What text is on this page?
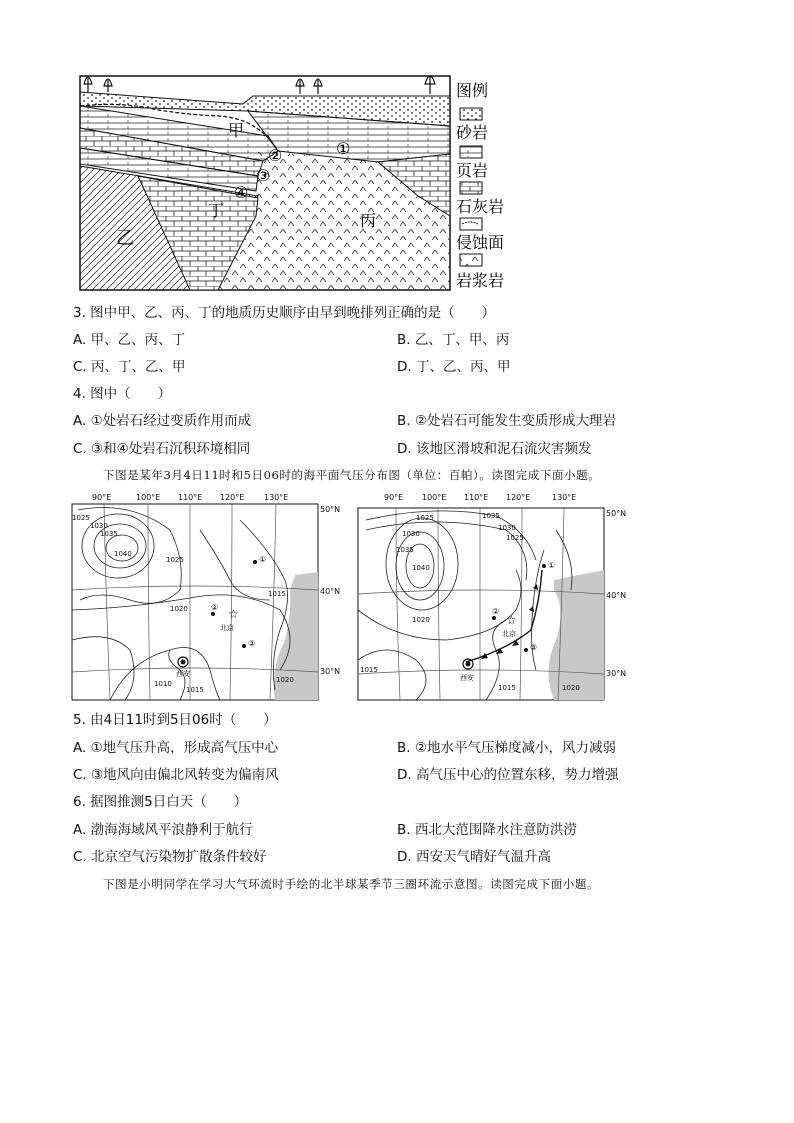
甲
乙
丙
丁
①
②
③
④
图例
砂岩
页岩
石灰岩
侵蚀面
岩浆岩
3. 图中甲、乙、丙、丁的地质历史顺序由早到晚排列正确的是（　　）
A. 甲、乙、丙、丁	B. 乙、丁、甲、丙
C. 丙、丁、乙、甲	D. 丁、乙、丙、甲
4. 图中（　　）
A. ①处岩石经过变质作用而成	B. ②处岩石可能发生变质形成大理岩
C. ③和④处岩石沉积环境相同	D. 该地区滑坡和泥石流灾害频发
下图是某年3月4日11时和5日06时的海平面气压分布图（单位：百帕）。读图完成下面小题。
90°E	100°E 110°E 120°E 130°E
50°N
40°N
30°N
1025
1030
1035
1040
1025
1020
1015
1010
1015
1020
①
②
③
☆
北京
西安
90°E 100°E 110°E 120°E	130°E
50°N
40°N
30°N
1025
1030
1035
1040
1035
1030
1025
1020
1015
1015	1020
①
②
③
☆
北京
西安
5. 由4日11时到5日06时（　　）
A. ①地气压升高，形成高气压中心	B. ②地水平气压梯度减小，风力减弱
C. ③地风向由偏北风转变为偏南风	D. 高气压中心的位置东移，势力增强
6. 据图推测5日白天（　　）
A. 渤海海域风平浪静利于航行	B. 西北大范围降水注意防洪涝
C. 北京空气污染物扩散条件较好	D. 西安天气晴好气温升高
下图是小明同学在学习大气环流时手绘的北半球某季节三圈环流示意图。读图完成下面小题。
